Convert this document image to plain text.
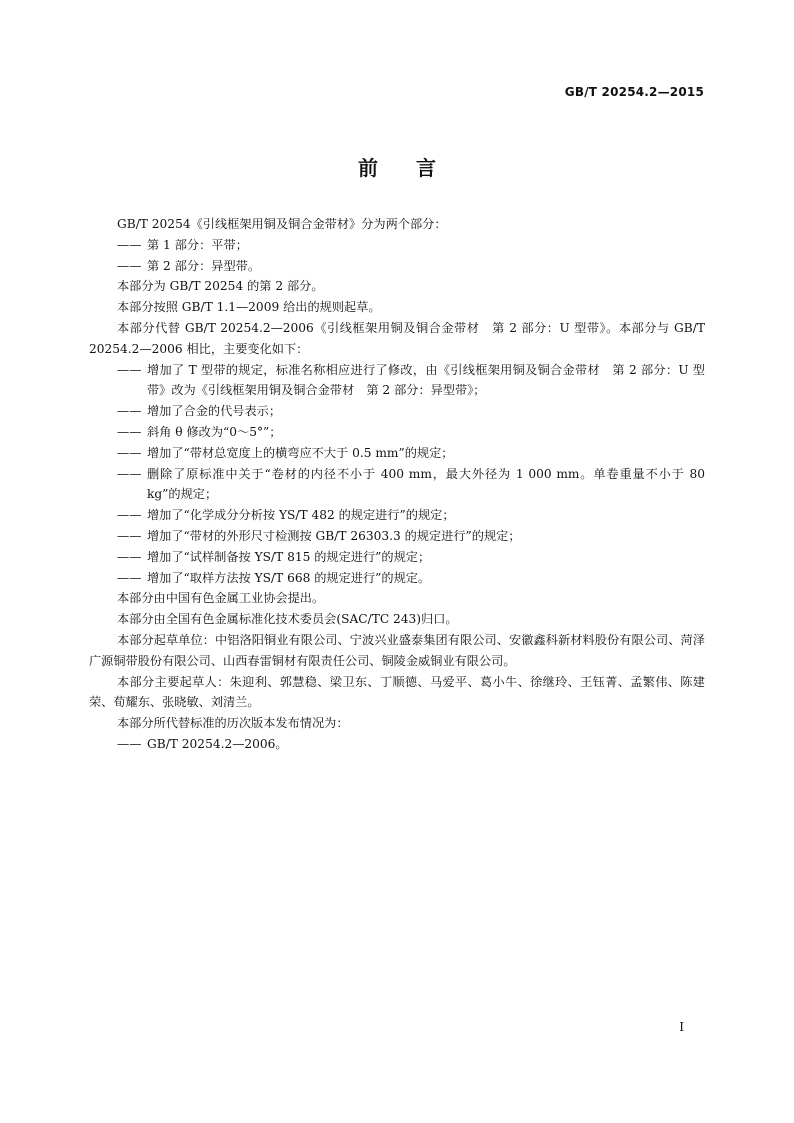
GB/T 20254.2—2015
前言

GB/T 20254《引线框架用铜及铜合金带材》分为两个部分：

—— 第 1 部分：平带；
—— 第 2 部分：异型带。

本部分为 GB/T 20254 的第 2 部分。

本部分按照 GB/T 1.1—2009 给出的规则起草。

本部分代替 GB/T 20254.2—2006《引线框架用铜及铜合金带材　第 2 部分：U 型带》。本部分与 GB/T 20254.2—2006 相比，主要变化如下：

—— 增加了 T 型带的规定，标准名称相应进行了修改，由《引线框架用铜及铜合金带材　第 2 部分：U 型带》改为《引线框架用铜及铜合金带材　第 2 部分：异型带》；
—— 增加了合金的代号表示；
—— 斜角 θ 修改为“0～5°”；
—— 增加了“带材总宽度上的横弯应不大于 0.5 mm”的规定；
—— 删除了原标准中关于“卷材的内径不小于 400 mm，最大外径为 1 000 mm。单卷重量不小于 80 kg”的规定；
—— 增加了“化学成分分析按 YS/T 482 的规定进行”的规定；
—— 增加了“带材的外形尺寸检测按 GB/T 26303.3 的规定进行”的规定；
—— 增加了“试样制备按 YS/T 815 的规定进行”的规定；
—— 增加了“取样方法按 YS/T 668 的规定进行”的规定。

本部分由中国有色金属工业协会提出。

本部分由全国有色金属标准化技术委员会(SAC/TC 243)归口。

本部分起草单位：中铝洛阳铜业有限公司、宁波兴业盛泰集团有限公司、安徽鑫科新材料股份有限公司、菏泽广源铜带股份有限公司、山西春雷铜材有限责任公司、铜陵金威铜业有限公司。

本部分主要起草人：朱迎利、郭慧稳、梁卫东、丁顺德、马爱平、葛小牛、徐继玲、王钰菁、孟繁伟、陈建荣、荀耀东、张晓敏、刘清兰。

本部分所代替标准的历次版本发布情况为：

—— GB/T 20254.2—2006。
I
